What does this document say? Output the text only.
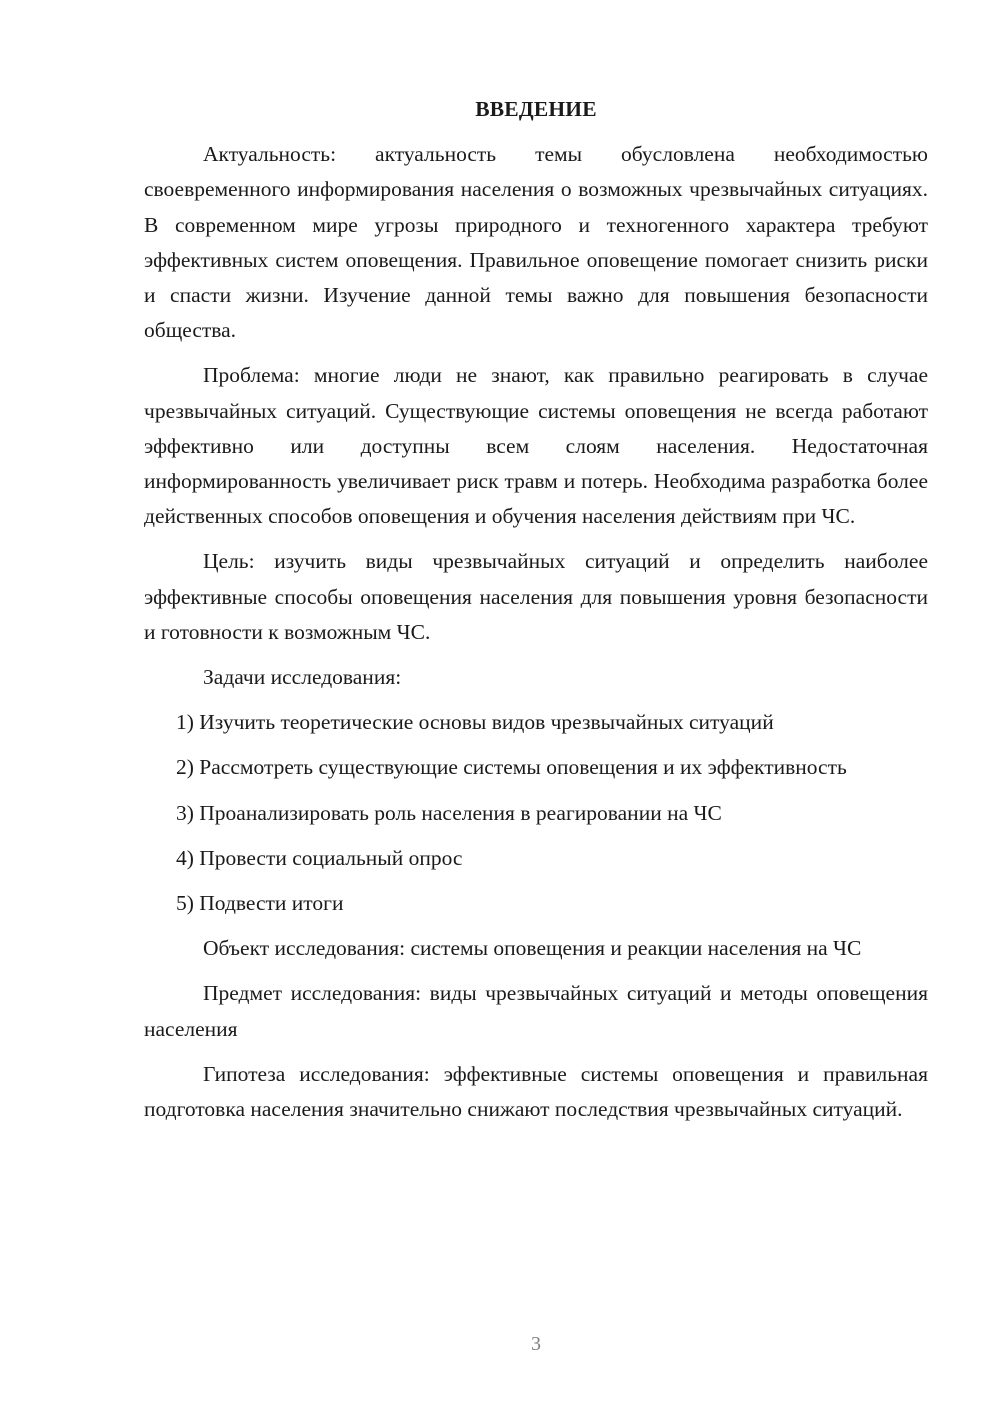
ВВЕДЕНИЕ

Актуальность: актуальность темы обусловлена необходимостью своевременного информирования населения о возможных чрезвычайных ситуациях. В современном мире угрозы природного и техногенного характера требуют эффективных систем оповещения. Правильное оповещение помогает снизить риски и спасти жизни. Изучение данной темы важно для повышения безопасности общества.

Проблема: многие люди не знают, как правильно реагировать в случае чрезвычайных ситуаций. Существующие системы оповещения не всегда работают эффективно или доступны всем слоям населения. Недостаточная информированность увеличивает риск травм и потерь. Необходима разработка более действенных способов оповещения и обучения населения действиям при ЧС.

Цель: изучить виды чрезвычайных ситуаций и определить наиболее эффективные способы оповещения населения для повышения уровня безопасности и готовности к возможным ЧС.

Задачи исследования:

1) Изучить теоретические основы видов чрезвычайных ситуаций

2) Рассмотреть существующие системы оповещения и их эффективность

3) Проанализировать роль населения в реагировании на ЧС

4) Провести социальный опрос

5) Подвести итоги

Объект исследования: системы оповещения и реакции населения на ЧС

Предмет исследования: виды чрезвычайных ситуаций и методы оповещения населения

Гипотеза исследования: эффективные системы оповещения и правильная подготовка населения значительно снижают последствия чрезвычайных ситуаций.

3
